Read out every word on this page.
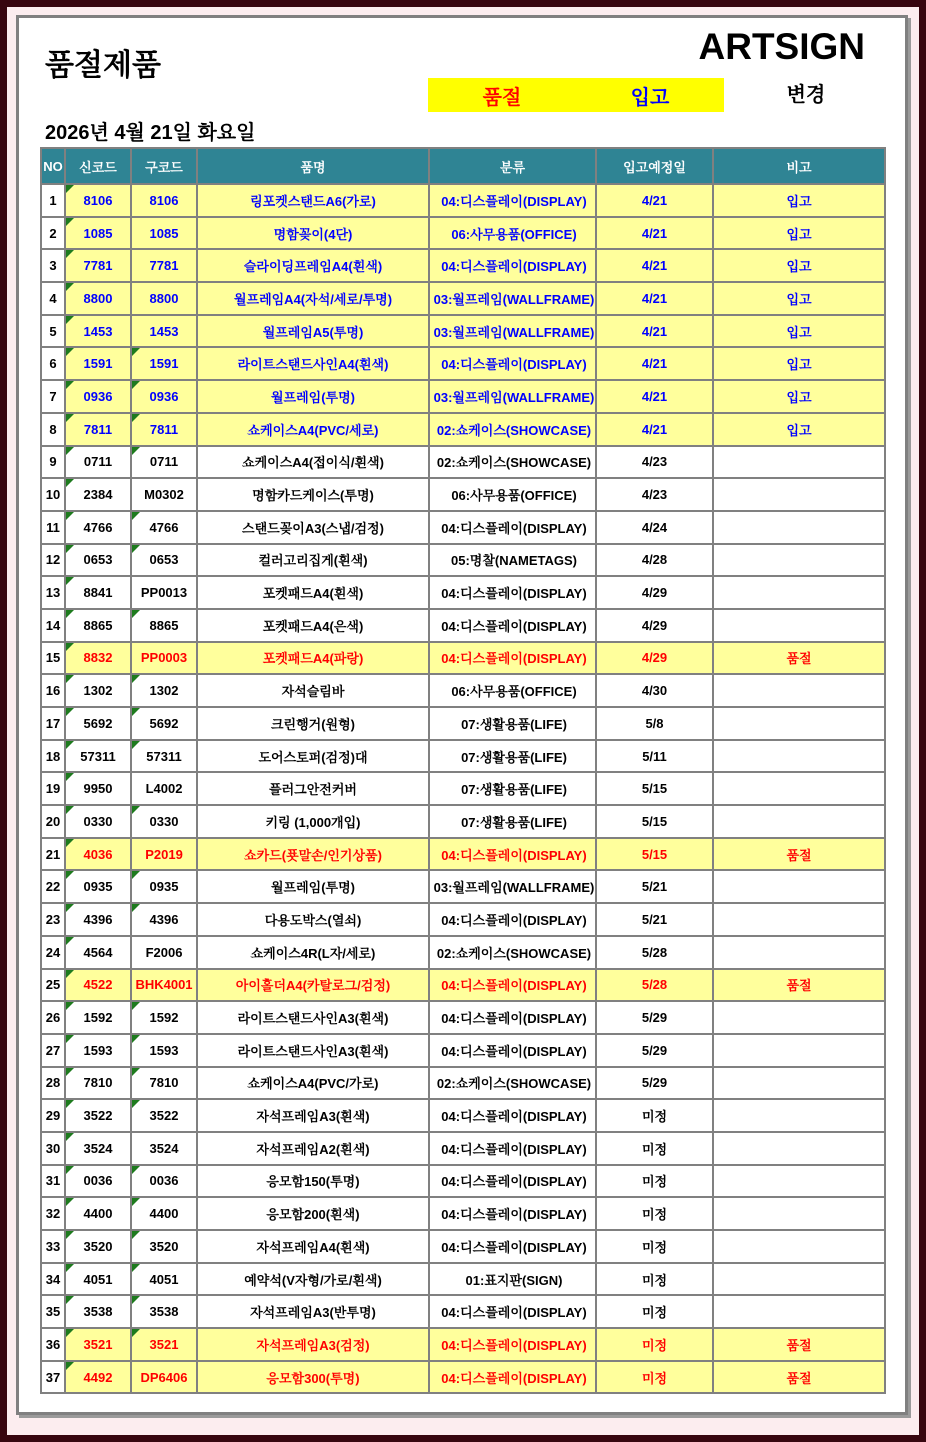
품절제품	ARTSIGN
품절	입고	변경
2026년 4월 21일 화요일
NO	신코드	구코드	품명	분류	입고예정일	비고
1	8106	8106	링포켓스탠드A6(가로)	04:디스플레이(DISPLAY)	4/21	입고
2	1085	1085	명함꽂이(4단)	06:사무용품(OFFICE)	4/21	입고
3	7781	7781	슬라이딩프레임A4(흰색)	04:디스플레이(DISPLAY)	4/21	입고
4	8800	8800	월프레임A4(자석/세로/투명)	03:월프레임(WALLFRAME)	4/21	입고
5	1453	1453	월프레임A5(투명)	03:월프레임(WALLFRAME)	4/21	입고
6	1591	1591	라이트스탠드사인A4(흰색)	04:디스플레이(DISPLAY)	4/21	입고
7	0936	0936	월프레임(투명)	03:월프레임(WALLFRAME)	4/21	입고
8	7811	7811	쇼케이스A4(PVC/세로)	02:쇼케이스(SHOWCASE)	4/21	입고
9	0711	0711	쇼케이스A4(접이식/흰색)	02:쇼케이스(SHOWCASE)	4/23	
10	2384	M0302	명함카드케이스(투명)	06:사무용품(OFFICE)	4/23	
11	4766	4766	스탠드꽂이A3(스냅/검정)	04:디스플레이(DISPLAY)	4/24	
12	0653	0653	컬러고리집게(흰색)	05:명찰(NAMETAGS)	4/28	
13	8841	PP0013	포켓패드A4(흰색)	04:디스플레이(DISPLAY)	4/29	
14	8865	8865	포켓패드A4(은색)	04:디스플레이(DISPLAY)	4/29	
15	8832	PP0003	포켓패드A4(파랑)	04:디스플레이(DISPLAY)	4/29	품절
16	1302	1302	자석슬림바	06:사무용품(OFFICE)	4/30	
17	5692	5692	크린행거(원형)	07:생활용품(LIFE)	5/8	
18	57311	57311	도어스토퍼(검정)대	07:생활용품(LIFE)	5/11	
19	9950	L4002	플러그안전커버	07:생활용품(LIFE)	5/15	
20	0330	0330	키링 (1,000개입)	07:생활용품(LIFE)	5/15	
21	4036	P2019	쇼카드(푯말손/인기상품)	04:디스플레이(DISPLAY)	5/15	품절
22	0935	0935	월프레임(투명)	03:월프레임(WALLFRAME)	5/21	
23	4396	4396	다용도박스(열쇠)	04:디스플레이(DISPLAY)	5/21	
24	4564	F2006	쇼케이스4R(L자/세로)	02:쇼케이스(SHOWCASE)	5/28	
25	4522	BHK4001	아이홀더A4(카탈로그/검정)	04:디스플레이(DISPLAY)	5/28	품절
26	1592	1592	라이트스탠드사인A3(흰색)	04:디스플레이(DISPLAY)	5/29	
27	1593	1593	라이트스탠드사인A3(흰색)	04:디스플레이(DISPLAY)	5/29	
28	7810	7810	쇼케이스A4(PVC/가로)	02:쇼케이스(SHOWCASE)	5/29	
29	3522	3522	자석프레임A3(흰색)	04:디스플레이(DISPLAY)	미정	
30	3524	3524	자석프레임A2(흰색)	04:디스플레이(DISPLAY)	미정	
31	0036	0036	응모함150(투명)	04:디스플레이(DISPLAY)	미정	
32	4400	4400	응모함200(흰색)	04:디스플레이(DISPLAY)	미정	
33	3520	3520	자석프레임A4(흰색)	04:디스플레이(DISPLAY)	미정	
34	4051	4051	예약석(V자형/가로/흰색)	01:표지판(SIGN)	미정	
35	3538	3538	자석프레임A3(반투명)	04:디스플레이(DISPLAY)	미정	
36	3521	3521	자석프레임A3(검정)	04:디스플레이(DISPLAY)	미정	품절
37	4492	DP6406	응모함300(투명)	04:디스플레이(DISPLAY)	미정	품절
